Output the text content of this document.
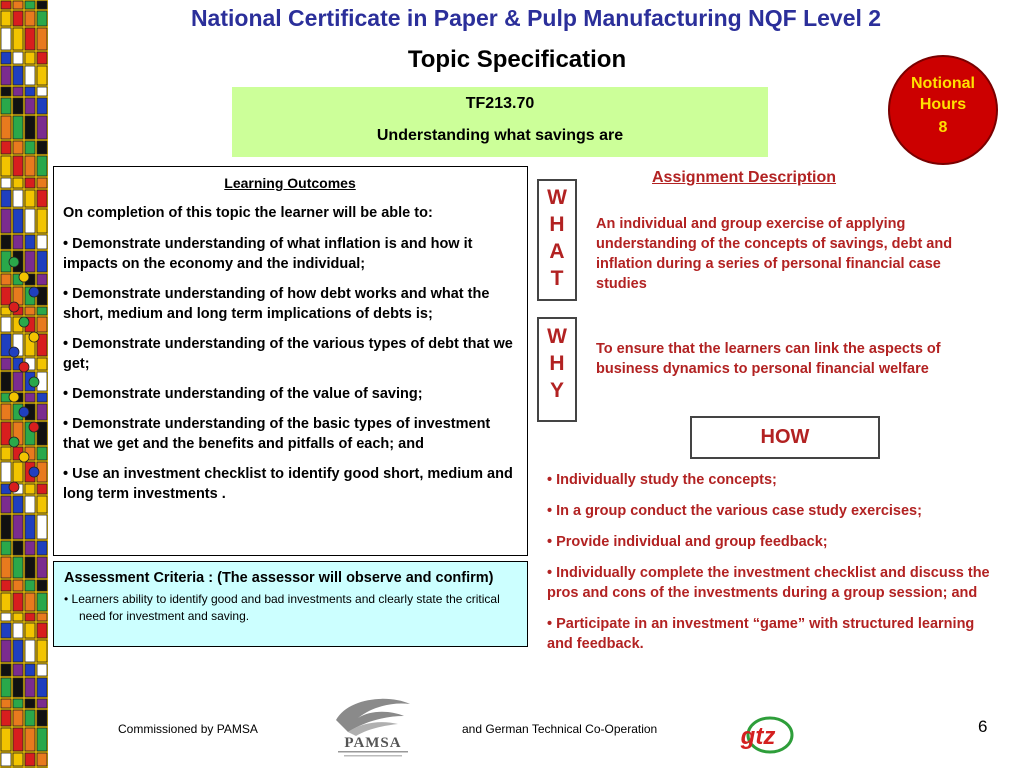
National Certificate in Paper & Pulp Manufacturing NQF Level 2
Topic Specification
Notional
Hours
8
TF213.70
Understanding what savings are
Learning Outcomes
On completion of this topic the learner will be able to:
• Demonstrate understanding of what inflation is and how it impacts on the economy and the individual;
• Demonstrate understanding of how debt works and what the short, medium and long term implications of debts is;
• Demonstrate understanding of the various types of debt that we get;
• Demonstrate understanding of the value of saving;
• Demonstrate understanding of the basic types of investment that we get and the benefits and pitfalls of each; and
• Use an investment checklist to identify good short, medium and long term investments .
Assessment Criteria : (The assessor will observe and confirm)
• Learners ability to identify good and bad investments and clearly state the critical need for investment and saving.
W
H
A
T
W
H
Y
Assignment Description
An individual and group exercise of applying understanding of the concepts of savings, debt and inflation during a series of personal financial case studies
To ensure that the learners can link the aspects of business dynamics to personal financial welfare
HOW
• Individually study the concepts;
• In a group conduct the various case study exercises;
• Provide individual and group feedback;
• Individually complete the investment checklist and discuss the pros and cons of the investments during a group session; and
• Participate in an investment “game” with structured learning and feedback.
Commissioned by PAMSA
PAMSA
and German Technical Co-Operation	gtz	6
